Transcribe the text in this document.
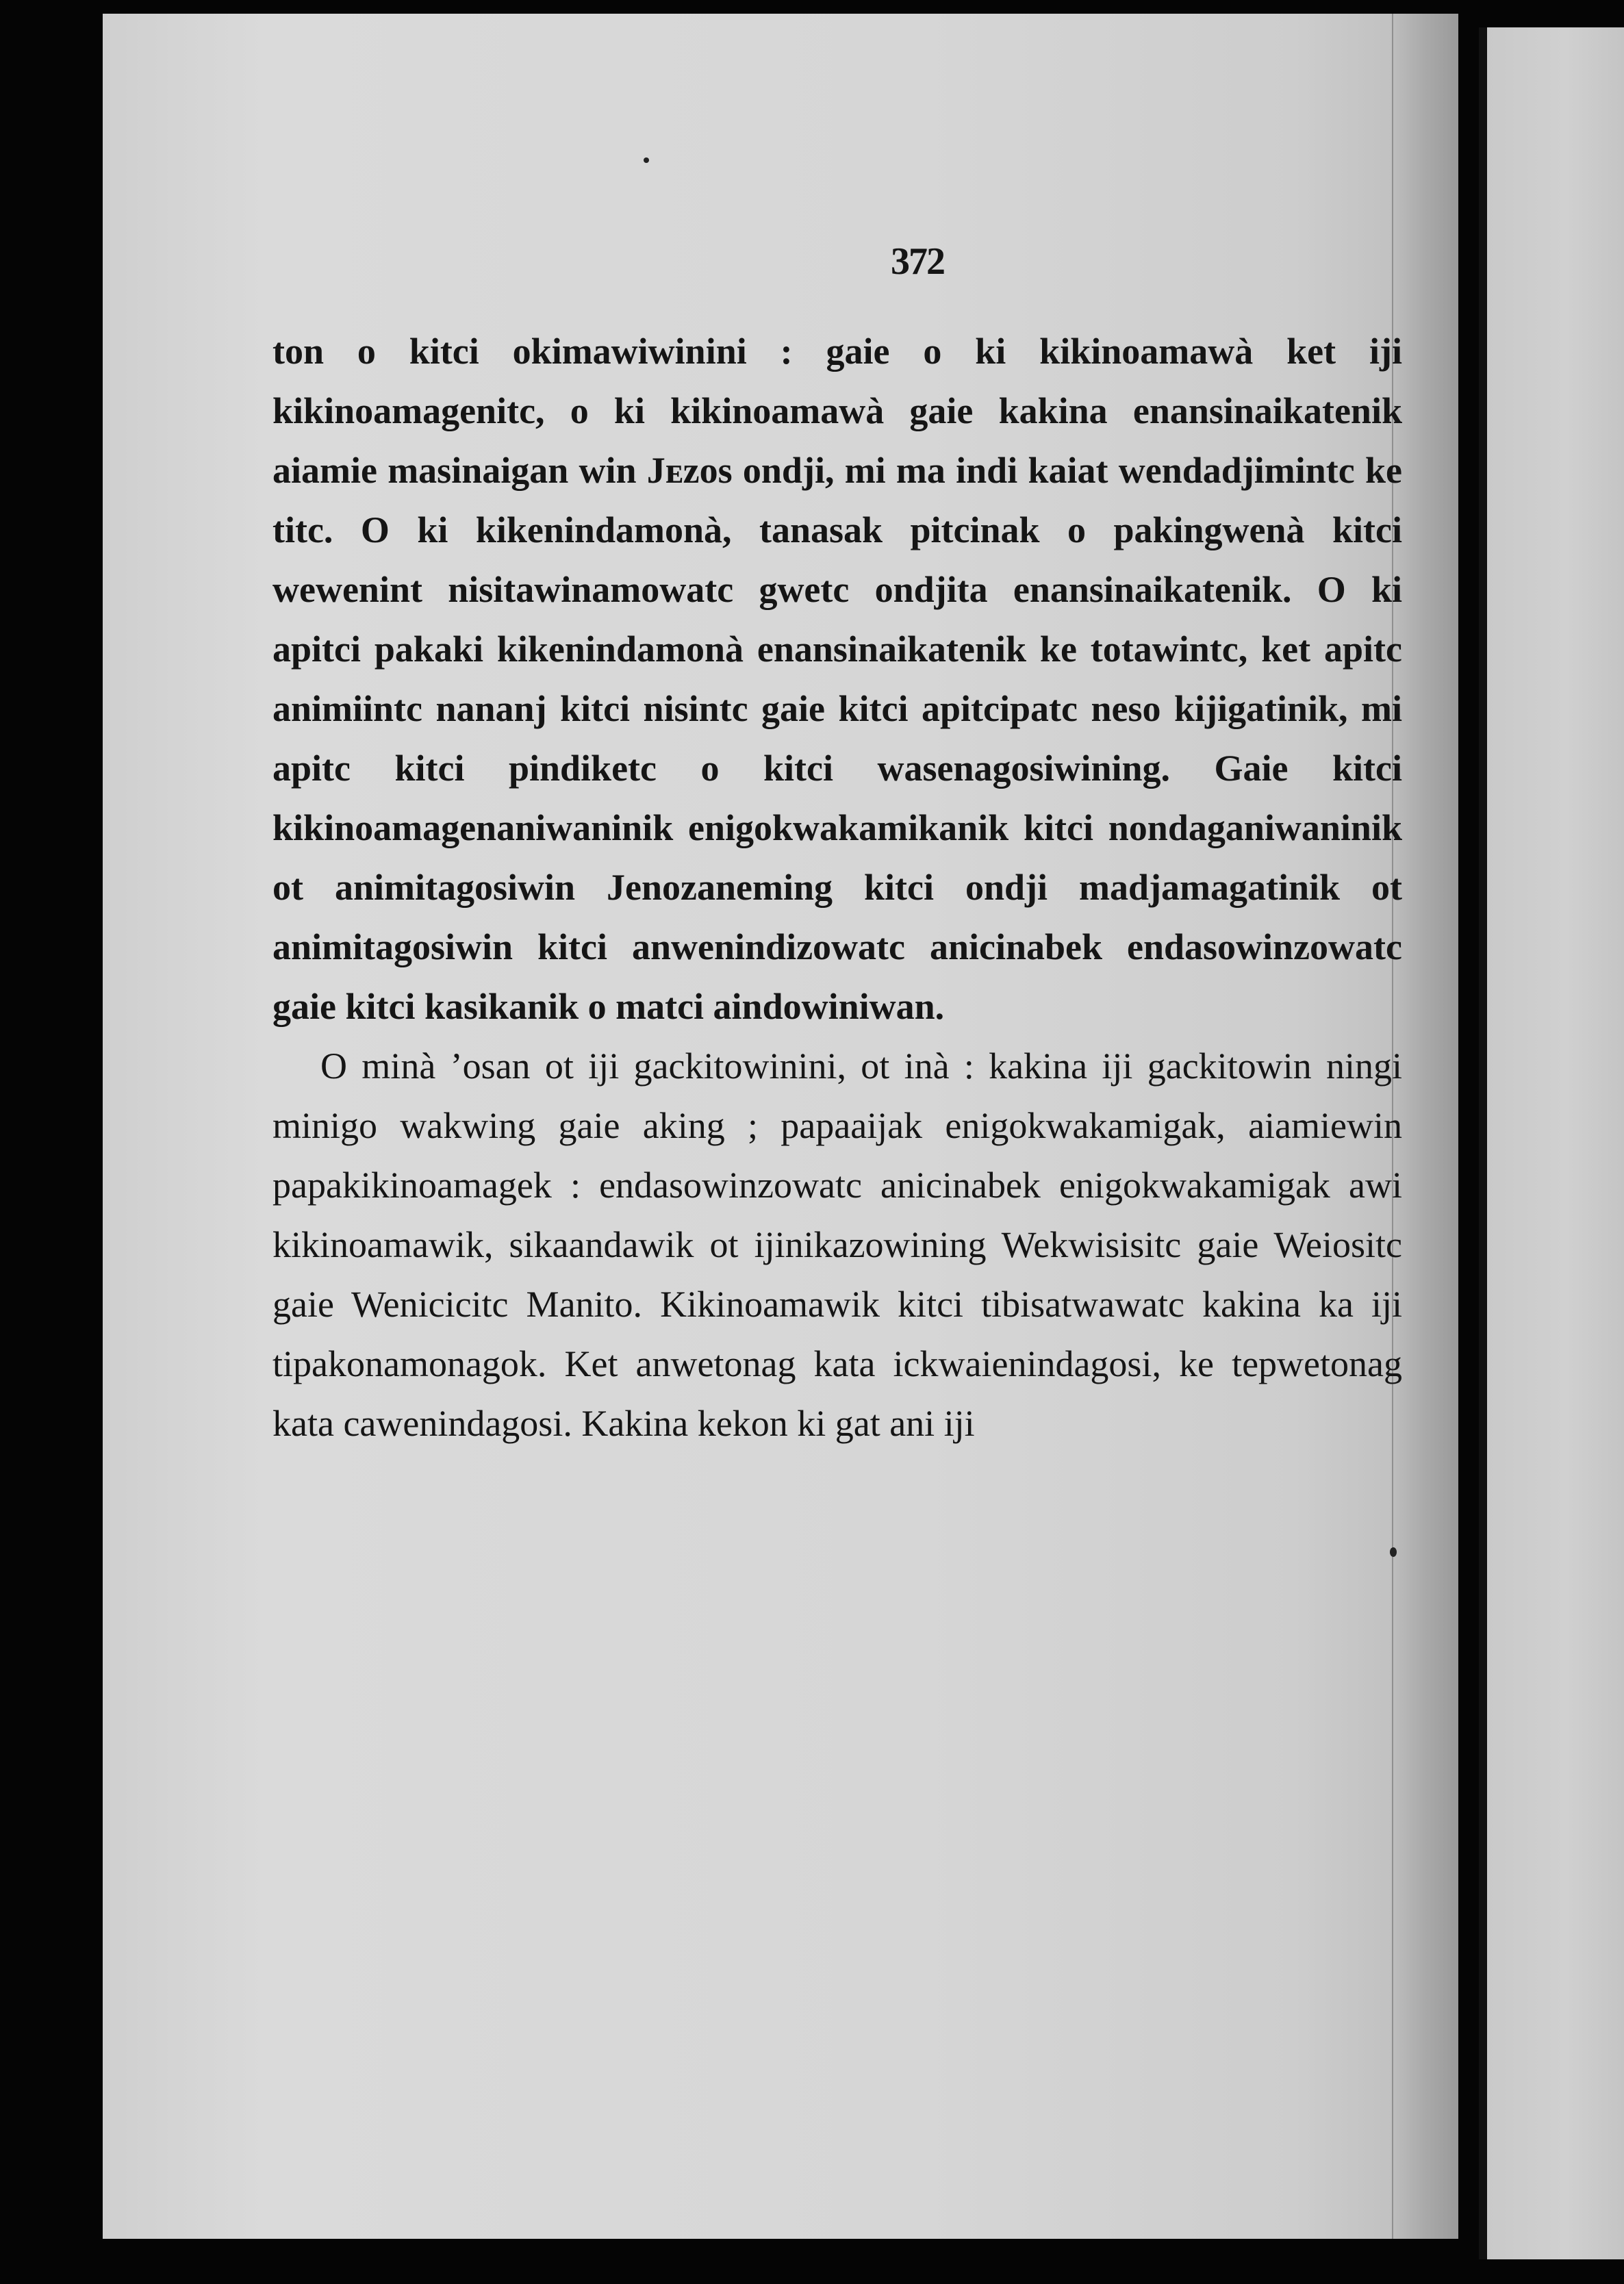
372

ton o kitci okimawiwinini : gaie o ki kikinoamawà ket iji kikinoamagenitc, o ki kikinoamawà gaie kakina enansinaikatenik aiamie masinaigan win Jᴇzos ondji, mi ma indi kaiat wendadjimintc ke titc. O ki kikenindamonà, tanasak pitcinak o pakingwenà kitci wewenint nisitawinamowatc gwetc ondjita enansinaikatenik. O ki apitci pakaki kikenindamonà enansinaikatenik ke totawintc, ket apitc animiintc nananj kitci nisintc gaie kitci apitcipatc neso kijigatinik, mi apitc kitci pindiketc o kitci wasenagosiwining. Gaie kitci kikinoamagenaniwaninik enigokwakamikanik kitci nondaganiwaninik ot animitagosiwin Jenozaneming kitci ondji madjamagatinik ot animitagosiwin kitci anwenindizowatc anicinabek endasowinzowatc gaie kitci kasikanik o matci aindowiniwan.

O minà ’osan ot iji gackitowinini, ot inà : kakina iji gackitowin ningi minigo wakwing gaie aking ; papaaijak enigokwakamigak, aiamiewin papakikinoamagek : endasowinzowatc anicinabek enigokwakamigak awi kikinoamawik, sikaandawik ot ijinikazowining Wekwisisitc gaie Weiositc gaie Wenicicitc Manito. Kikinoamawik kitci tibisatwawatc kakina ka iji tipakonamonagok. Ket anwetonag kata ickwaienindagosi, ke tepwetonag kata cawenindagosi. Kakina kekon ki gat ani iji
